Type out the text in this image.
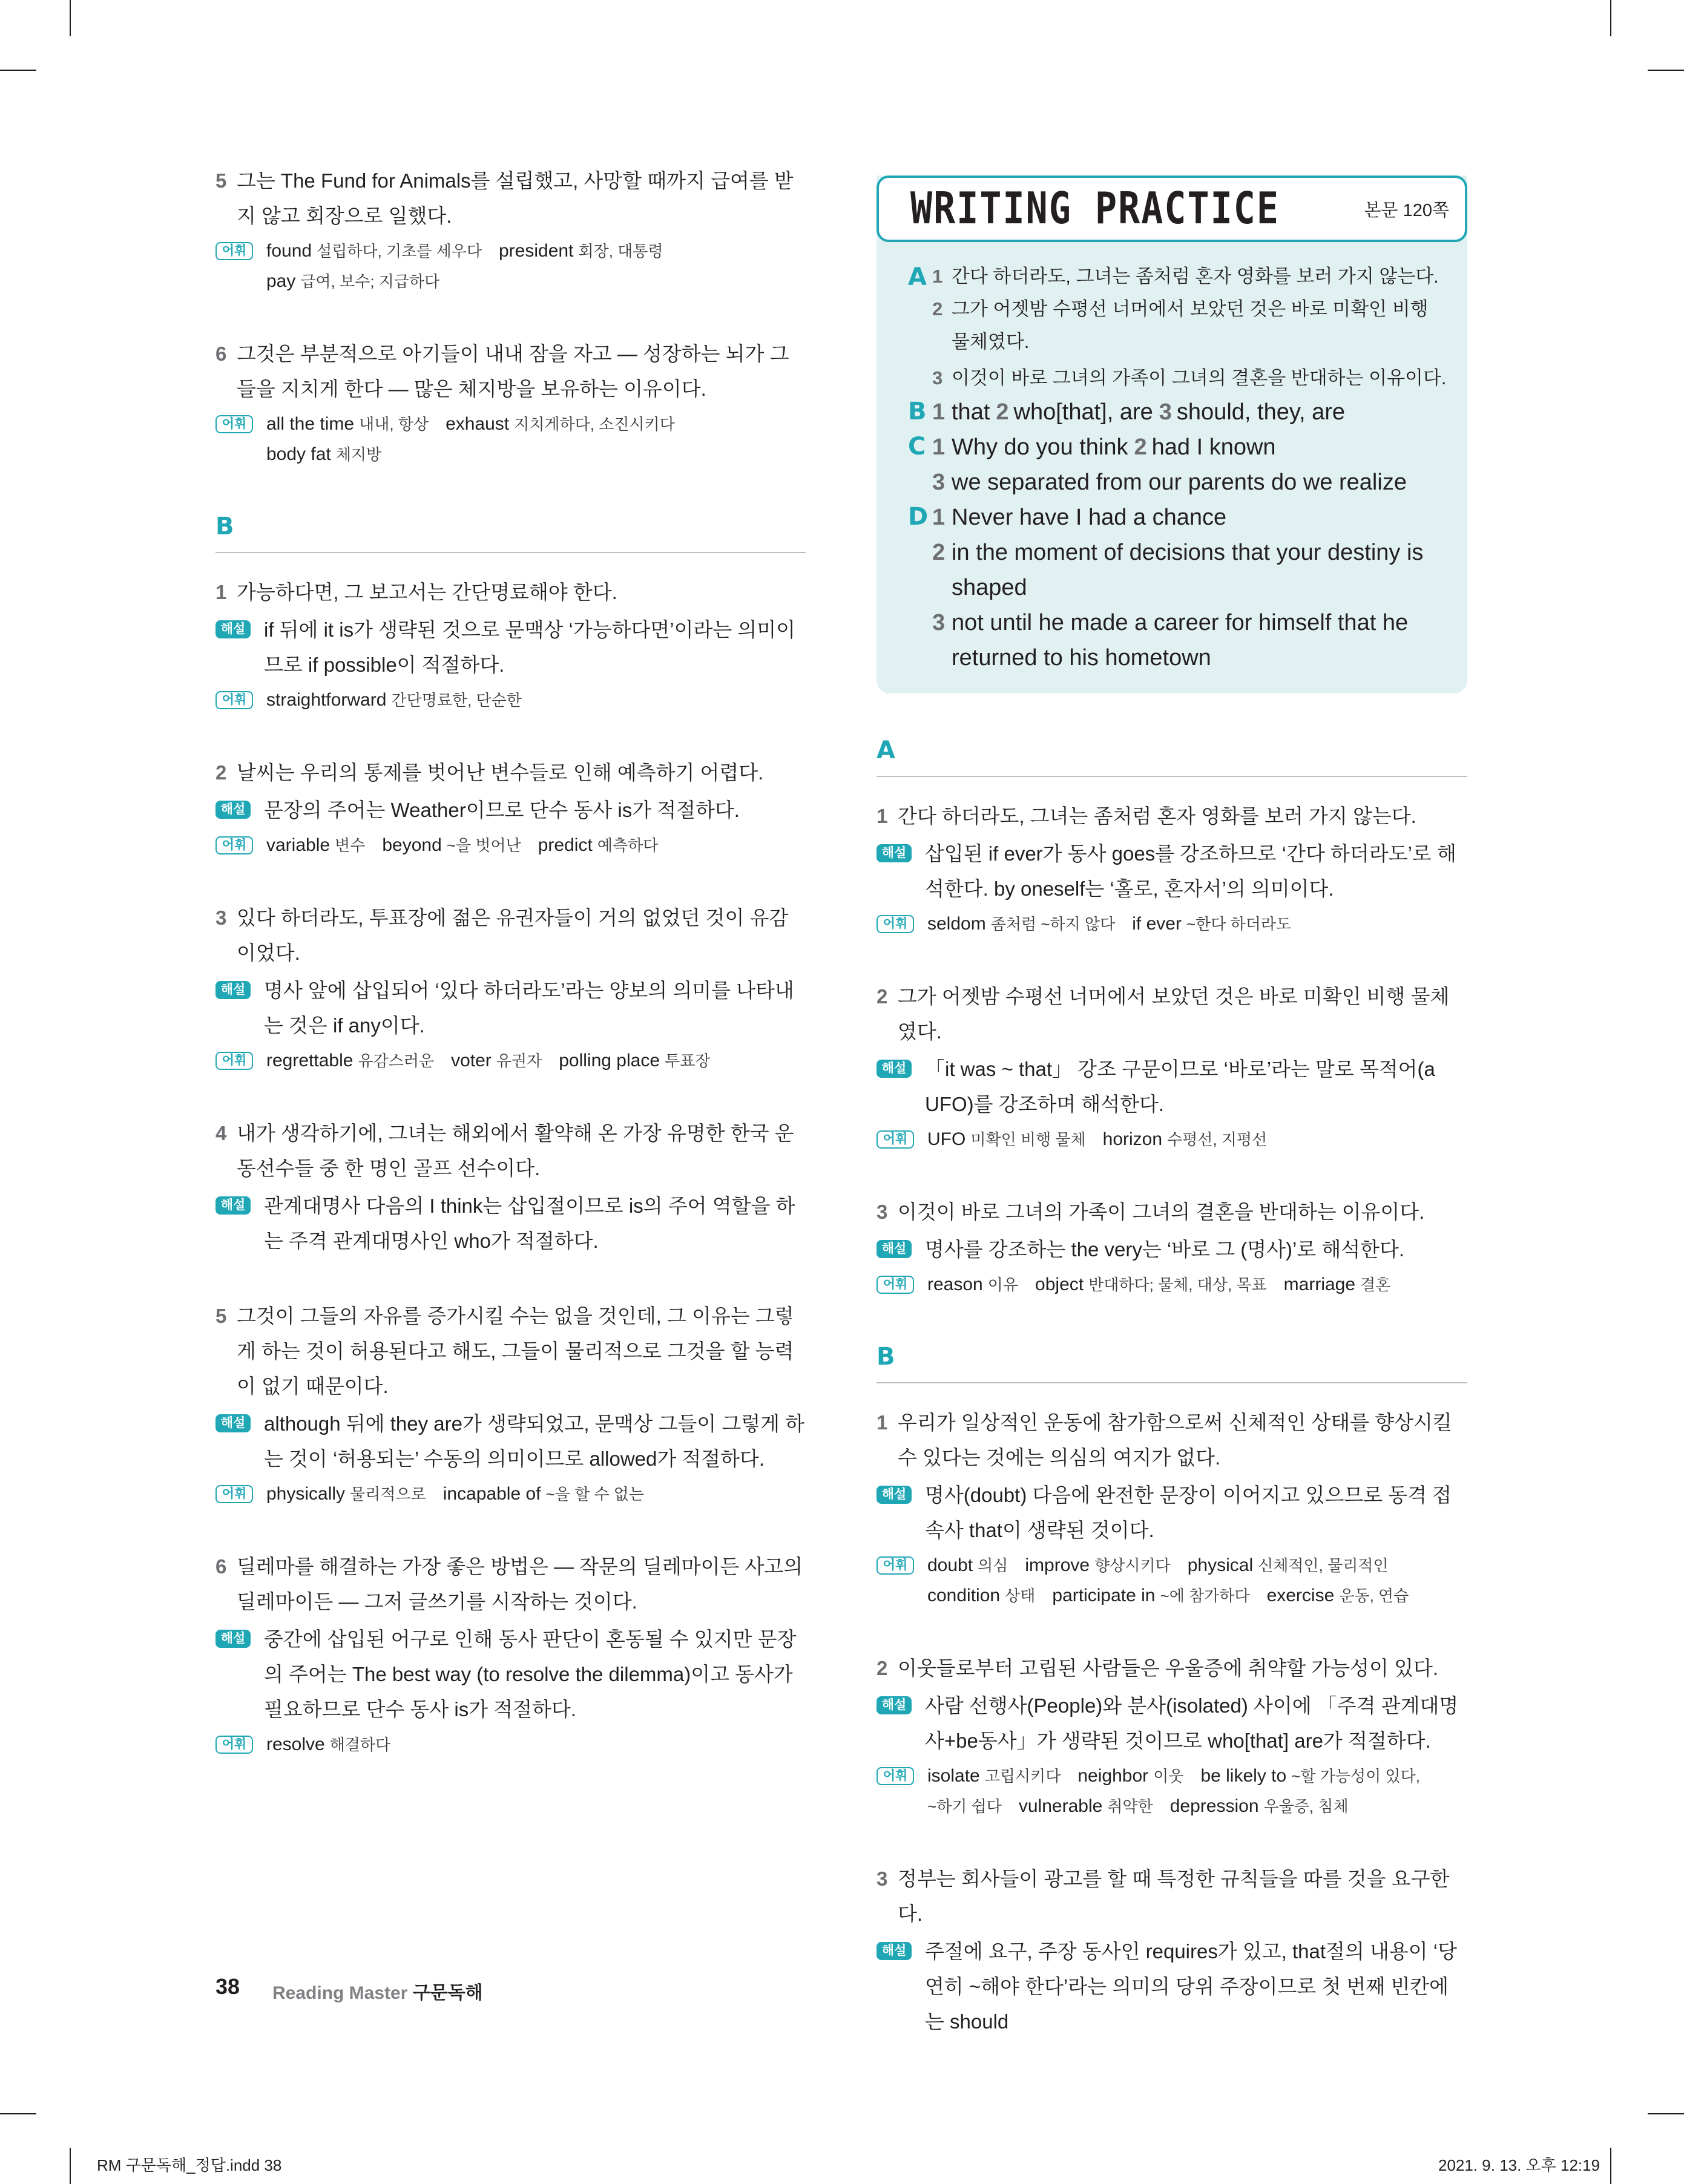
5 그는 The Fund for Animals를 설립했고, 사망할 때까지 급여를 받지 않고 회장으로 일했다.
어휘	found 설립하다, 기초를 세우다 president 회장, 대통령
pay 급여, 보수; 지급하다
6 그것은 부분적으로 아기들이 내내 잠을 자고 — 성장하는 뇌가 그들을 지치게 한다 — 많은 체지방을 보유하는 이유이다.
어휘	all the time 내내, 항상 exhaust 지치게하다, 소진시키다
body fat 체지방
B
1 가능하다면, 그 보고서는 간단명료해야 한다.
해설 if 뒤에 it is가 생략된 것으로 문맥상 ‘가능하다면’이라는 의미이므로 if possible이 적절하다.
어휘	straightforward 간단명료한, 단순한
2 날씨는 우리의 통제를 벗어난 변수들로 인해 예측하기 어렵다.
해설 문장의 주어는 Weather이므로 단수 동사 is가 적절하다.
어휘	variable 변수 beyond ~을 벗어난 predict 예측하다
3 있다 하더라도, 투표장에 젊은 유권자들이 거의 없었던 것이 유감이었다.
해설 명사 앞에 삽입되어 ‘있다 하더라도’라는 양보의 의미를 나타내는 것은 if any이다.
어휘	regrettable 유감스러운 voter 유권자 polling place 투표장
4 내가 생각하기에, 그녀는 해외에서 활약해 온 가장 유명한 한국 운동선수들 중 한 명인 골프 선수이다.
해설 관계대명사 다음의 I think는 삽입절이므로 is의 주어 역할을 하는 주격 관계대명사인 who가 적절하다.
5 그것이 그들의 자유를 증가시킬 수는 없을 것인데, 그 이유는 그렇게 하는 것이 허용된다고 해도, 그들이 물리적으로 그것을 할 능력이 없기 때문이다.
해설 although 뒤에 they are가 생략되었고, 문맥상 그들이 그렇게 하는 것이 ‘허용되는’ 수동의 의미이므로 allowed가 적절하다.
어휘	physically 물리적으로 incapable of ~을 할 수 없는
6 딜레마를 해결하는 가장 좋은 방법은 — 작문의 딜레마이든 사고의 딜레마이든 — 그저 글쓰기를 시작하는 것이다.
해설 중간에 삽입된 어구로 인해 동사 판단이 혼동될 수 있지만 문장의 주어는 The best way (to resolve the dilemma)이고 동사가 필요하므로 단수 동사 is가 적절하다.
어휘	resolve 해결하다
WRITING PRACTICE	본문 120쪽
A 1 간다 하더라도, 그녀는 좀처럼 혼자 영화를 보러 가지 않는다.
2 그가 어젯밤 수평선 너머에서 보았던 것은 바로 미확인 비행 물체였다.
3 이것이 바로 그녀의 가족이 그녀의 결혼을 반대하는 이유이다.
B 1 that 2 who[that], are 3 should, they, are
C 1 Why do you think 2 had I known
3 we separated from our parents do we realize
D 1 Never have I had a chance
2 in the moment of decisions that your destiny is shaped
3 not until he made a career for himself that he returned to his hometown
A
1 간다 하더라도, 그녀는 좀처럼 혼자 영화를 보러 가지 않는다.
해설 삽입된 if ever가 동사 goes를 강조하므로 ‘간다 하더라도’로 해석한다. by oneself는 ‘홀로, 혼자서’의 의미이다.
어휘	seldom 좀처럼 ~하지 않다 if ever ~한다 하더라도
2 그가 어젯밤 수평선 너머에서 보았던 것은 바로 미확인 비행 물체였다.
해설 「it was ~ that」 강조 구문이므로 ‘바로’라는 말로 목적어(a UFO)를 강조하며 해석한다.
어휘	UFO 미확인 비행 물체 horizon 수평선, 지평선
3 이것이 바로 그녀의 가족이 그녀의 결혼을 반대하는 이유이다.
해설 명사를 강조하는 the very는 ‘바로 그 (명사)’로 해석한다.
어휘	reason 이유 object 반대하다; 물체, 대상, 목표 marriage 결혼
B
1 우리가 일상적인 운동에 참가함으로써 신체적인 상태를 향상시킬 수 있다는 것에는 의심의 여지가 없다.
해설 명사(doubt) 다음에 완전한 문장이 이어지고 있으므로 동격 접속사 that이 생략된 것이다.
어휘	doubt 의심 improve 향상시키다 physical 신체적인, 물리적인
condition 상태 participate in ~에 참가하다 exercise 운동, 연습
2 이웃들로부터 고립된 사람들은 우울증에 취약할 가능성이 있다.
해설 사람 선행사(People)와 분사(isolated) 사이에 「주격 관계대명사+be동사」가 생략된 것이므로 who[that] are가 적절하다.
어휘	isolate 고립시키다 neighbor 이웃 be likely to ~할 가능성이 있다,
~하기 쉽다 vulnerable 취약한 depression 우울증, 침체
3 정부는 회사들이 광고를 할 때 특정한 규칙들을 따를 것을 요구한다.
해설 주절에 요구, 주장 동사인 requires가 있고, that절의 내용이 ‘당연히 ~해야 한다’라는 의미의 당위 주장이므로 첫 번째 빈칸에는 should
38 Reading Master 구문독해
RM 구문독해_정답.indd 38	2021. 9. 13. 오후 12:19
